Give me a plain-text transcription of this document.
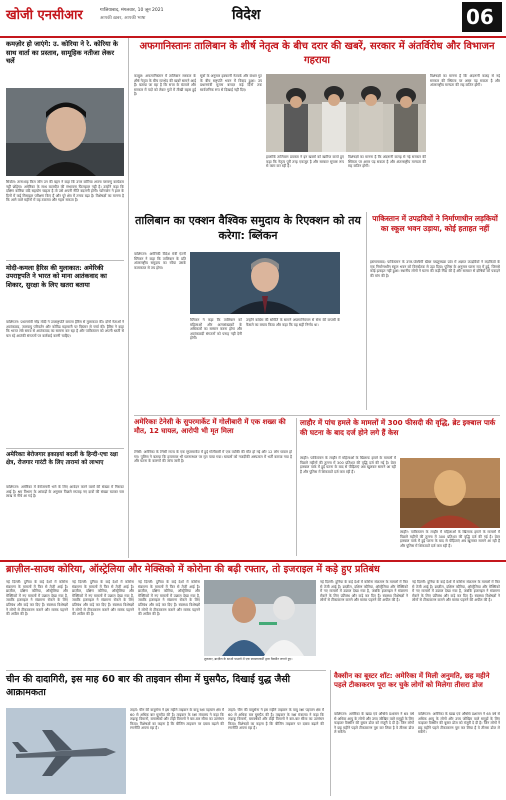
खोजी एनसीआर	गाजियाबाद, मंगलवार, 10 जून 2021
आपकी ख़बर, आपकी भाषा	विदेश	06
कमज़ोर हो जाएंगे: उ. कोरिया ने रे. कोरिया के साथ वार्ता का प्रस्ताव, सामूहिक नतीजा लेकर चलें
सियोल: तानाशाह किम जोंग उन की बहन ने कहा कि उत्तर कोरिया अपना परमाणु कार्यक्रम नहीं छोड़ेगा। अमेरिका के साथ बातचीत की संभावना फिलहाल नहीं है। उन्होंने कहा कि दक्षिण कोरिया यदि सहयोग चाहता है तो उसे अपनी नीति बदलनी होगी। प्योंगयांग ने हाल के दिनों में कई मिसाइल परीक्षण किए हैं और पूरे क्षेत्र में तनाव बढ़ा है। विशेषज्ञों का मानना है कि आने वाले महीनों में यह टकराव और गहरा सकता है।
मोदी-कमला हैरिस की मुलाकात: अमेरिकी उपराष्ट्रपति ने भारत को माना आतंकवाद का शिकार, सुरक्षा के लिए खतरा बताया
वाशिंगटन: प्रधानमंत्री नरेंद्र मोदी ने उपराष्ट्रपति कमला हैरिस से मुलाकात की। दोनों नेताओं ने आतंकवाद, जलवायु परिवर्तन और कोविड महामारी पर विस्तार से चर्चा की। हैरिस ने कहा कि भारत लंबे समय से आतंकवाद का सामना कर रहा है और पाकिस्तान को अपनी धरती से चल रहे आतंकी संगठनों पर कार्रवाई करनी चाहिए।
अमेरिकाः बेरोजगार इकाइयां बदलीं के हिन्दी-एचः रक्षा क्षेत्र, रोजगार गारंटी के लिए तारामां को लाभाए
वाशिंगटन: अमेरिका में बेरोजगारी भत्ते के लिए आवेदन करने वालों की संख्या में गिरावट आई है। श्रम विभाग के आंकड़ों के अनुसार पिछले सप्ताह नए दावों की संख्या घटकर चार लाख से नीचे आ गई है।
अफगानिस्तानः तालिबान के शीर्ष नेतृत्व के बीच दरार की खबरें, सरकार में अंतर्विरोध और विभाजन गहराया
काबुल: अफगानिस्तान में तालिबान सरकार के शीर्ष नेतृत्व के बीच मतभेद की खबरें सामने आई हैं। बताया जा रहा है कि सत्ता के बंटवारे और सरकार में पदों को लेकर गुटों में तीखी बहस हुई है।
सूत्रों के अनुसार हक्कानी नेटवर्क और कंधार गुट के बीच राष्ट्रपति भवन में विवाद हुआ। उप प्रधानमंत्री मुल्ला बरादर कई दिनों तक सार्वजनिक रूप से दिखाई नहीं दिए।
हालांकि तालिबान प्रवक्ता ने इन खबरों को खारिज करते हुए कहा कि नेतृत्व पूरी तरह एकजुट है और सरकार सुचारु रूप से काम कर रही है।
विशेषज्ञों का मानना है कि अंदरूनी कलह से नई सरकार की स्थिरता पर असर पड़ सकता है और अंतरराष्ट्रीय मान्यता की राह कठिन होगी।
विशेषज्ञों का मानना है कि अंदरूनी कलह से नई सरकार की स्थिरता पर असर पड़ सकता है और अंतरराष्ट्रीय मान्यता की राह कठिन होगी।
तालिबान का एक्शन वैश्विक समुदाय के रिएक्शन को तय करेगा: ब्लिंकन
वाशिंगटन: अमेरिकी विदेश मंत्री एंटनी ब्लिंकन ने कहा कि तालिबान के प्रति अंतरराष्ट्रीय समुदाय का रवैया उसके कामकाज से तय होगा।
ब्लिंकन ने कहा कि तालिबान को महिलाओं और अल्पसंख्यकों के अधिकारों का सम्मान करना होगा और आतंकवादी संगठनों को पनाह नहीं देनी होगी।
उन्होंने कांग्रेस की समिति के सामने अफगानिस्तान से सेना की वापसी के फैसले का बचाव किया और कहा कि यह सही निर्णय था।
पाकिस्तान में उपद्रवियों ने निर्माणाधीन लड़कियों का स्कूल भवन उड़ाया, कोई हताहत नहीं
इस्लामाबाद: पाकिस्तान के उत्तर-पश्चिमी खैबर पख्तूनख्वा प्रांत में अज्ञात उपद्रवियों ने लड़कियों के एक निर्माणाधीन स्कूल भवन को विस्फोटक से उड़ा दिया। पुलिस के अनुसार घटना रात में हुई, जिससे कोई हताहत नहीं हुआ। स्थानीय लोगों ने घटना की कड़ी निंदा की है और सरकार से दोषियों को पकड़ने की मांग की है।
अमेरिकाः टेनेसी के सुपरमार्केट में गोलीबारी में एक शख्स की मौत, 12 घायल, आरोपी भी मृत मिला
टेनेसी: अमेरिका के टेनेसी राज्य के एक सुपरमार्केट में हुई गोलीबारी में एक व्यक्ति की मौत हो गई और 12 लोग घायल हो गए। पुलिस ने बताया कि हमलावर भी घटनास्थल पर मृत पाया गया। घायलों को नजदीकी अस्पताल में भर्ती कराया गया है और घटना के कारणों की जांच जारी है।
लाहौर में पांच हमले के मामलों में 300 फीसदी की वृद्धि, ब्रेट इक्बाल पार्क की घटना के बाद दर्ज होने लगे हैं केस
लाहौर: पाकिस्तान के लाहौर में महिलाओं के खिलाफ हमले के मामलों में पिछले महीनों की तुलना में 300 प्रतिशत की वृद्धि दर्ज की गई है। ग्रेटर इक्बाल पार्क में हुई घटना के बाद से पीड़िताएं अब खुलकर सामने आ रही हैं और पुलिस में शिकायतें दर्ज करा रही हैं।
लाहौर: पाकिस्तान के लाहौर में महिलाओं के खिलाफ हमले के मामलों में पिछले महीनों की तुलना में 300 प्रतिशत की वृद्धि दर्ज की गई है। ग्रेटर इक्बाल पार्क में हुई घटना के बाद से पीड़िताएं अब खुलकर सामने आ रही हैं और पुलिस में शिकायतें दर्ज करा रही हैं।
ब्राज़ील-साउथ कोरिया, ऑस्ट्रेलिया और मेक्सिको में कोरोना की बढ़ी रफ्तार, तो इजराइल में कड़े हुए प्रतिबंध
नई दिल्ली: दुनिया के कई देशों में कोरोना संक्रमण के मामलों में फिर से तेजी आई है। ब्राज़ील, दक्षिण कोरिया, ऑस्ट्रेलिया और मेक्सिको में नए मामलों में उछाल देखा गया है, जबकि इजराइल ने संक्रमण रोकने के लिए प्रतिबंध और कड़े कर दिए हैं। स्वास्थ्य विशेषज्ञों ने लोगों से टीकाकरण कराने और मास्क पहनने की अपील की है।
नई दिल्ली: दुनिया के कई देशों में कोरोना संक्रमण के मामलों में फिर से तेजी आई है। ब्राज़ील, दक्षिण कोरिया, ऑस्ट्रेलिया और मेक्सिको में नए मामलों में उछाल देखा गया है, जबकि इजराइल ने संक्रमण रोकने के लिए प्रतिबंध और कड़े कर दिए हैं। स्वास्थ्य विशेषज्ञों ने लोगों से टीकाकरण कराने और मास्क पहनने की अपील की है।
नई दिल्ली: दुनिया के कई देशों में कोरोना संक्रमण के मामलों में फिर से तेजी आई है। ब्राज़ील, दक्षिण कोरिया, ऑस्ट्रेलिया और मेक्सिको में नए मामलों में उछाल देखा गया है, जबकि इजराइल ने संक्रमण रोकने के लिए प्रतिबंध और कड़े कर दिए हैं। स्वास्थ्य विशेषज्ञों ने लोगों से टीकाकरण कराने और मास्क पहनने की अपील की है।
शुक्रवार, ब्राज़ील के साओ पाउलो में एक स्वास्थ्यकर्मी द्वारा वैक्सीन लगाते हुए।
नई दिल्ली: दुनिया के कई देशों में कोरोना संक्रमण के मामलों में फिर से तेजी आई है। ब्राज़ील, दक्षिण कोरिया, ऑस्ट्रेलिया और मेक्सिको में नए मामलों में उछाल देखा गया है, जबकि इजराइल ने संक्रमण रोकने के लिए प्रतिबंध और कड़े कर दिए हैं। स्वास्थ्य विशेषज्ञों ने लोगों से टीकाकरण कराने और मास्क पहनने की अपील की है।
नई दिल्ली: दुनिया के कई देशों में कोरोना संक्रमण के मामलों में फिर से तेजी आई है। ब्राज़ील, दक्षिण कोरिया, ऑस्ट्रेलिया और मेक्सिको में नए मामलों में उछाल देखा गया है, जबकि इजराइल ने संक्रमण रोकने के लिए प्रतिबंध और कड़े कर दिए हैं। स्वास्थ्य विशेषज्ञों ने लोगों से टीकाकरण कराने और मास्क पहनने की अपील की है।
चीन की दादागिरी, इस माह 60 बार की ताइवान सीमा में घुसपैठ, दिखाई युद्ध जैसी आक्रामकता
ताइपे: चीन की वायुसेना ने इस महीने ताइवान के वायु रक्षा पहचान क्षेत्र में 60 से अधिक बार घुसपैठ की है। ताइवान के रक्षा मंत्रालय ने कहा कि लड़ाकू विमानों, बमवर्षकों और टोही विमानों ने बार-बार सीमा का उल्लंघन किया। विशेषज्ञों का कहना है कि बीजिंग ताइवान पर दबाव बढ़ाने की रणनीति अपना रहा है।
ताइपे: चीन की वायुसेना ने इस महीने ताइवान के वायु रक्षा पहचान क्षेत्र में 60 से अधिक बार घुसपैठ की है। ताइवान के रक्षा मंत्रालय ने कहा कि लड़ाकू विमानों, बमवर्षकों और टोही विमानों ने बार-बार सीमा का उल्लंघन किया। विशेषज्ञों का कहना है कि बीजिंग ताइवान पर दबाव बढ़ाने की रणनीति अपना रहा है।
वैक्सीन का बूस्टर शॉट: अमेरिका में मिली अनुमति, छह महीने पहले टीकाकरण पूरा कर चुके लोगों को मिलेगा तीसरा डोज
वाशिंगटन: अमेरिका के खाद्य एवं औषधि प्रशासन ने 65 वर्ष से अधिक आयु के लोगों और उच्च जोखिम वाले समूहों के लिए फाइजर वैक्सीन की बूस्टर डोज को मंजूरी दे दी है। जिन लोगों ने छह महीने पहले टीकाकरण पूरा कर लिया है वे तीसरा डोज ले सकेंगे।
वाशिंगटन: अमेरिका के खाद्य एवं औषधि प्रशासन ने 65 वर्ष से अधिक आयु के लोगों और उच्च जोखिम वाले समूहों के लिए फाइजर वैक्सीन की बूस्टर डोज को मंजूरी दे दी है। जिन लोगों ने छह महीने पहले टीकाकरण पूरा कर लिया है वे तीसरा डोज ले सकेंगे।
